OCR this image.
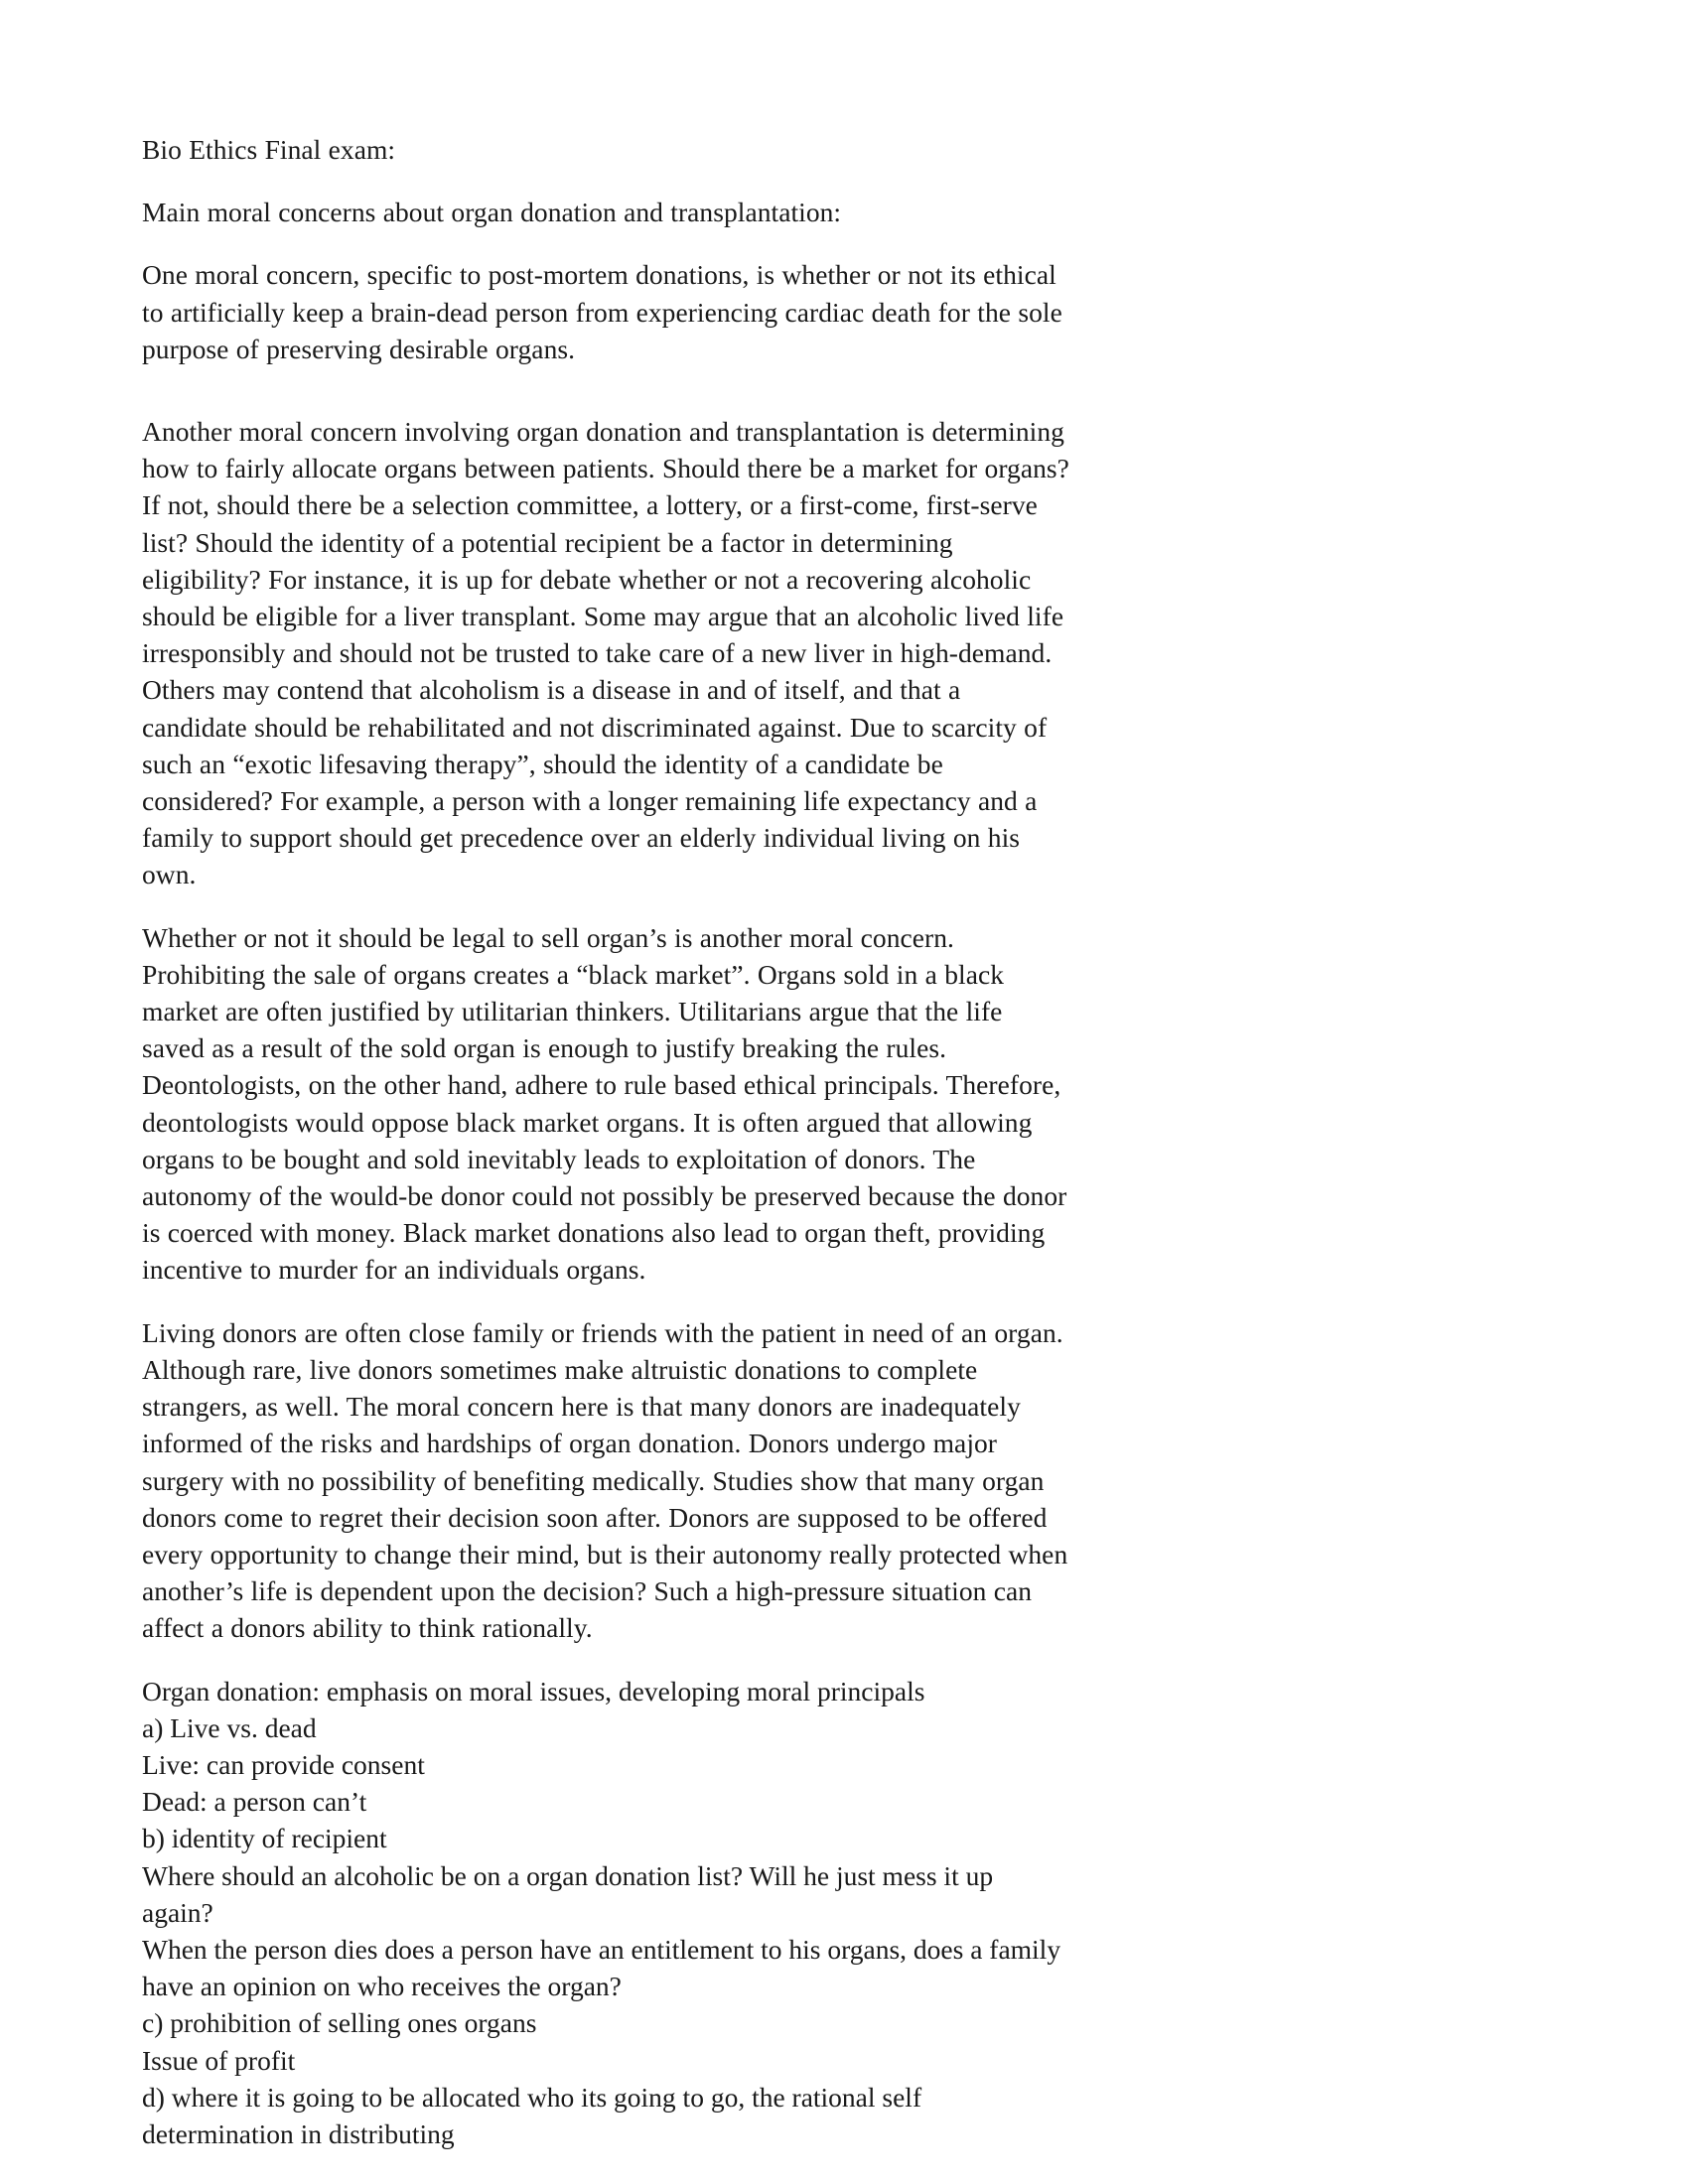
Bio Ethics Final exam:

Main moral concerns about organ donation and transplantation:

One moral concern, specific to post-mortem donations, is whether or not its ethical to artificially keep a brain-dead person from experiencing cardiac death for the sole purpose of preserving desirable organs.

Another moral concern involving organ donation and transplantation is determining how to fairly allocate organs between patients. Should there be a market for organs? If not, should there be a selection committee, a lottery, or a first-come, first-serve list? Should the identity of a potential recipient be a factor in determining eligibility? For instance, it is up for debate whether or not a recovering alcoholic should be eligible for a liver transplant. Some may argue that an alcoholic lived life irresponsibly and should not be trusted to take care of a new liver in high-demand. Others may contend that alcoholism is a disease in and of itself, and that a candidate should be rehabilitated and not discriminated against. Due to scarcity of such an “exotic lifesaving therapy”, should the identity of a candidate be considered? For example, a person with a longer remaining life expectancy and a family to support should get precedence over an elderly individual living on his own.

Whether or not it should be legal to sell organ’s is another moral concern. Prohibiting the sale of organs creates a “black market”. Organs sold in a black market are often justified by utilitarian thinkers. Utilitarians argue that the life saved as a result of the sold organ is enough to justify breaking the rules. Deontologists, on the other hand, adhere to rule based ethical principals. Therefore, deontologists would oppose black market organs. It is often argued that allowing organs to be bought and sold inevitably leads to exploitation of donors. The autonomy of the would-be donor could not possibly be preserved because the donor is coerced with money. Black market donations also lead to organ theft, providing incentive to murder for an individuals organs.

Living donors are often close family or friends with the patient in need of an organ. Although rare, live donors sometimes make altruistic donations to complete strangers, as well. The moral concern here is that many donors are inadequately informed of the risks and hardships of organ donation. Donors undergo major surgery with no possibility of benefiting medically. Studies show that many organ donors come to regret their decision soon after. Donors are supposed to be offered every opportunity to change their mind, but is their autonomy really protected when another’s life is dependent upon the decision? Such a high-pressure situation can affect a donors ability to think rationally.

Organ donation: emphasis on moral issues, developing moral principals

a) Live vs. dead

Live: can provide consent

Dead: a person can’t

b) identity of recipient

Where should an alcoholic be on a organ donation list? Will he just mess it up again?

When the person dies does a person have an entitlement to his organs, does a family have an opinion on who receives the organ?

c) prohibition of selling ones organs

Issue of profit

d) where it is going to be allocated who its going to go, the rational self determination in distributing
